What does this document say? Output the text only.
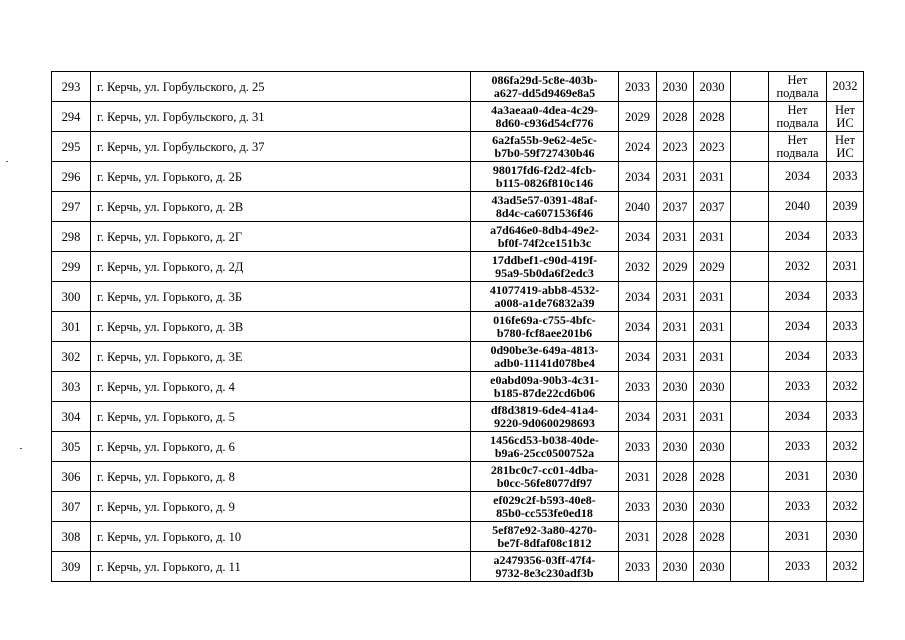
293	г. Керчь, ул. Горбульского, д. 25	086fa29d-5c8e-403b-
a627-dd5d9469e8a5	2033	2030	2030		Нет
подвала	2032

294	г. Керчь, ул. Горбульского, д. 31	4a3aeaa0-4dea-4c29-
8d60-c936d54cf776	2029	2028	2028		Нет
подвала	Нет
ИС

295	г. Керчь, ул. Горбульского, д. 37	6a2fa55b-9e62-4e5c-
b7b0-59f727430b46	2024	2023	2023		Нет
подвала	Нет
ИС

296	г. Керчь, ул. Горького, д. 2Б	98017fd6-f2d2-4fcb-
b115-0826f810c146	2034	2031	2031		2034	2033

297	г. Керчь, ул. Горького, д. 2В	43ad5e57-0391-48af-
8d4c-ca6071536f46	2040	2037	2037		2040	2039

298	г. Керчь, ул. Горького, д. 2Г	a7d646e0-8db4-49e2-
bf0f-74f2ce151b3c	2034	2031	2031		2034	2033

299	г. Керчь, ул. Горького, д. 2Д	17ddbef1-c90d-419f-
95a9-5b0da6f2edc3	2032	2029	2029		2032	2031

300	г. Керчь, ул. Горького, д. 3Б	41077419-abb8-4532-
a008-a1de76832a39	2034	2031	2031		2034	2033

301	г. Керчь, ул. Горького, д. 3В	016fe69a-c755-4bfc-
b780-fcf8aee201b6	2034	2031	2031		2034	2033

302	г. Керчь, ул. Горького, д. 3Е	0d90be3e-649a-4813-
adb0-11141d078be4	2034	2031	2031		2034	2033

303	г. Керчь, ул. Горького, д. 4	e0abd09a-90b3-4c31-
b185-87de22cd6b06	2033	2030	2030		2033	2032

304	г. Керчь, ул. Горького, д. 5	df8d3819-6de4-41a4-
9220-9d0600298693	2034	2031	2031		2034	2033

305	г. Керчь, ул. Горького, д. 6	1456cd53-b038-40de-
b9a6-25cc0500752a	2033	2030	2030		2033	2032

306	г. Керчь, ул. Горького, д. 8	281bc0c7-cc01-4dba-
b0cc-56fe8077df97	2031	2028	2028		2031	2030

307	г. Керчь, ул. Горького, д. 9	ef029c2f-b593-40e8-
85b0-cc553fe0ed18	2033	2030	2030		2033	2032

308	г. Керчь, ул. Горького, д. 10	5ef87e92-3a80-4270-
be7f-8dfaf08c1812	2031	2028	2028		2031	2030

309	г. Керчь, ул. Горького, д. 11	a2479356-03ff-47f4-
9732-8e3c230adf3b	2033	2030	2030		2033	2032
